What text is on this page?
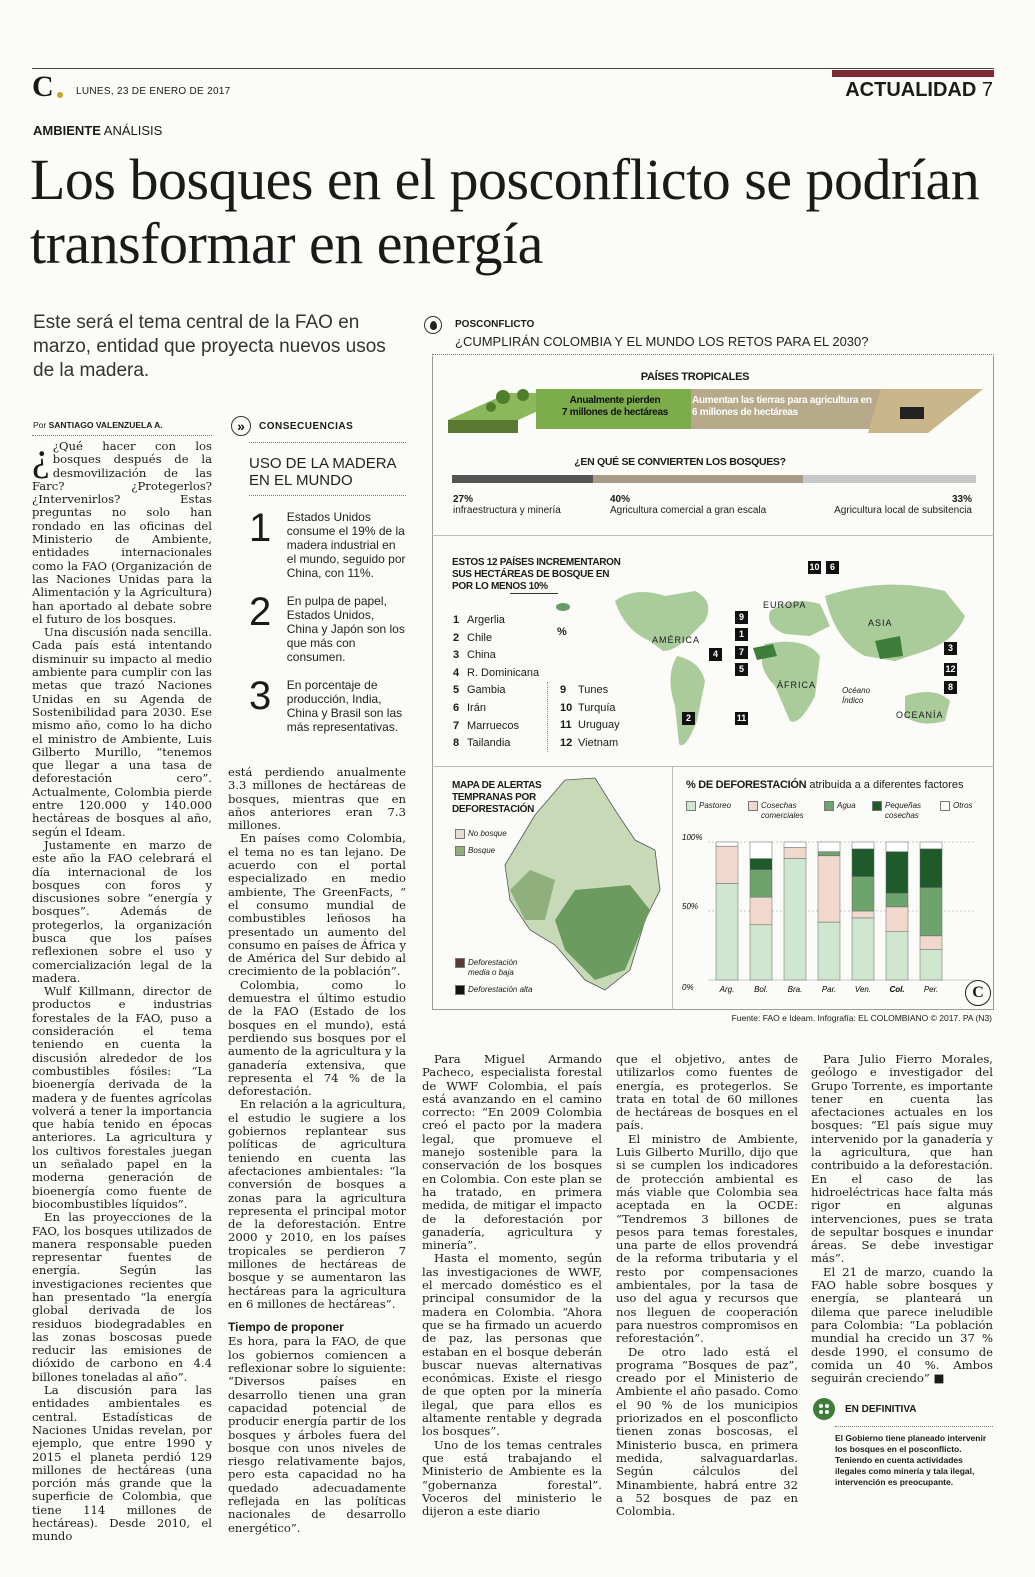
C LUNES, 23 DE ENERO DE 2017	ACTUALIDAD 7
AMBIENTE ANÁLISIS
Los bosques en el posconflicto se podrían transformar en energía
Este será el tema central de la FAO en marzo, entidad que proyecta nuevos usos de la madera.
Por SANTIAGO VALENZUELA A.

¿ ¿Qué hacer con los bosques después de la desmovilización de las Farc? ¿Protegerlos? ¿Intervenirlos? Estas preguntas no solo han rondado en las oficinas del Ministerio de Ambiente, entidades internacionales como la FAO (Organización de las Naciones Unidas para la Alimentación y la Agricultura) han aportado al debate sobre el futuro de los bosques.

Una discusión nada sencilla. Cada país está intentando disminuir su impacto al medio ambiente para cumplir con las metas que trazó Naciones Unidas en su Agenda de Sostenibilidad para 2030. Ese mismo año, como lo ha dicho el ministro de Ambiente, Luis Gilberto Murillo, “tenemos que llegar a una tasa de deforestación cero”. Actualmente, Colombia pierde entre 120.000 y 140.000 hectáreas de bosques al año, según el Ideam.

Justamente en marzo de este año la FAO celebrará el día internacional de los bosques con foros y discusiones sobre “energía y bosques”. Además de protegerlos, la organización busca que los países reflexionen sobre el uso y comercialización legal de la madera.

Wulf Killmann, director de productos e industrias forestales de la FAO, puso a consideración el tema teniendo en cuenta la discusión alrededor de los combustibles fósiles: “La bioenergía derivada de la madera y de fuentes agrícolas volverá a tener la importancia que había tenido en épocas anteriores. La agricultura y los cultivos forestales juegan un señalado papel en la moderna generación de bioenergía como fuente de biocombustibles líquidos”.

En las proyecciones de la FAO, los bosques utilizados de manera responsable pueden representar fuentes de energía. Según las investigaciones recientes que han presentado “la energía global derivada de los residuos biodegradables en las zonas boscosas puede reducir las emisiones de dióxido de carbono en 4.4 billones toneladas al año”.

La discusión para las entidades ambientales es central. Estadísticas de Naciones Unidas revelan, por ejemplo, que entre 1990 y 2015 el planeta perdió 129 millones de hectáreas (una porción más grande que la superficie de Colombia, que tiene 114 millones de hectáreas). Desde 2010, el mundo

»	CONSECUENCIAS
USO DE LA MADERA EN EL MUNDO
1	Estados Unidos consume el 19% de la madera industrial en el mundo, seguido por China, con 11%.
2	En pulpa de papel, Estados Unidos, China y Japón son los que más con consumen.
3	En porcentaje de producción, India, China y Brasil son las más representativas.

está perdiendo anualmente 3.3 millones de hectáreas de bosques, mientras que en años anteriores eran 7.3 millones.

En países como Colombia, el tema no es tan lejano. De acuerdo con el portal especializado en medio ambiente, The GreenFacts, “ el consumo mundial de combustibles leñosos ha presentado un aumento del consumo en países de África y de América del Sur debido al crecimiento de la población”.

Colombia, como lo demuestra el último estudio de la FAO (Estado de los bosques en el mundo), está perdiendo sus bosques por el aumento de la agricultura y la ganadería extensiva, que representa el 74 % de la deforestación.

En relación a la agricultura, el estudio le sugiere a los gobiernos replantear sus políticas de agricultura teniendo en cuenta las afectaciones ambientales: “la conversión de bosques a zonas para la agricultura representa el principal motor de la deforestación. Entre 2000 y 2010, en los países tropicales se perdieron 7 millones de hectáreas de bosque y se aumentaron las hectáreas para la agricultura en 6 millones de hectáreas”.

Tiempo de proponer

Es hora, para la FAO, de que los gobiernos comiencen a reflexionar sobre lo siguiente: “Diversos países en desarrollo tienen una gran capacidad potencial de producir energía partir de los bosques y árboles fuera del bosque con unos niveles de riesgo relativamente bajos, pero esta capacidad no ha quedado adecuadamente reflejada en las políticas nacionales de desarrollo energético”.

Para Miguel Armando Pacheco, especialista forestal de WWF Colombia, el país está avanzando en el camino correcto: “En 2009 Colombia creó el pacto por la madera legal, que promueve el manejo sostenible para la conservación de los bosques en Colombia. Con este plan se ha tratado, en primera medida, de mitigar el impacto de la deforestación por ganadería, agricultura y minería”.

Hasta el momento, según las investigaciones de WWF, el mercado doméstico es el principal consumidor de la madera en Colombia. “Ahora que se ha firmado un acuerdo de paz, las personas que estaban en el bosque deberán buscar nuevas alternativas económicas. Existe el riesgo de que opten por la minería ilegal, que para ellos es altamente rentable y degrada los bosques”.

Uno de los temas centrales que está trabajando el Ministerio de Ambiente es la “gobernanza forestal”. Voceros del ministerio le dijeron a este diario

que el objetivo, antes de utilizarlos como fuentes de energía, es protegerlos. Se trata en total de 60 millones de hectáreas de bosques en el país.

El ministro de Ambiente, Luis Gilberto Murillo, dijo que si se cumplen los indicadores de protección ambiental es más viable que Colombia sea aceptada en la OCDE: “Tendremos 3 billones de pesos para temas forestales, una parte de ellos provendrá de la reforma tributaria y el resto por compensaciones ambientales, por la tasa de uso del agua y recursos que nos lleguen de cooperación para nuestros compromisos en reforestación”.

De otro lado está el programa “Bosques de paz”, creado por el Ministerio de Ambiente el año pasado. Como el 90 % de los municipios priorizados en el posconflicto tienen zonas boscosas, el Ministerio busca, en primera medida, salvaguardarlas. Según cálculos del Minambiente, habrá entre 32 a 52 bosques de paz en Colombia.

Para Julio Fierro Morales, geólogo e investigador del Grupo Torrente, es importante tener en cuenta las afectaciones actuales en los bosques: “El país sigue muy intervenido por la ganadería y la agricultura, que han contribuido a la deforestación. En el caso de las hidroeléctricas hace falta más rigor en algunas intervenciones, pues se trata de sepultar bosques e inundar áreas. Se debe investigar más”.

El 21 de marzo, cuando la FAO hable sobre bosques y energía, se planteará un dilema que parece ineludible para Colombia: “La población mundial ha crecido un 37 % desde 1990, el consumo de comida un 40 %. Ambos seguirán creciendo” ■

EN DEFINITIVA
El Gobierno tiene planeado intervenir los bosques en el posconflicto. Teniendo en cuenta actividades ilegales como minería y tala ilegal, intervención es preocupante.
POSCONFLICTO
¿CUMPLIRÁN COLOMBIA Y EL MUNDO LOS RETOS PARA EL 2030?
PAÍSES TROPICALES
Anualmente pierden
7 millones de hectáreas
Aumentan las tierras para agricultura en
6 millones de hectáreas
¿EN QUÉ SE CONVIERTEN LOS BOSQUES?
27%
infraestructura y minería
40%
Agricultura comercial a gran escala
33%
Agricultura local de subsitencia
ESTOS 12 PAÍSES INCREMENTARON SUS HECTÁREAS DE BOSQUE EN POR LO MENOS 10%
%
1 Argerlia
2 Chile
3 China
4 R. Dominicana
5 Gambia
6 Irán
7 Marruecos
8 Tailandia
9 Tunes
10 Turquía
11 Uruguay
12 Vietnam
AMÉRICA
EUROPA
ASIA
ÁFRICA
Océano Índico
OCEANÍA
1
2
3
4
5
6
7
8
9
10
11
12
MAPA DE ALERTAS TEMPRANAS POR DEFORESTACIÓN
No bosque
Bosque
Deforestación media o baja
Deforestación alta
% DE DEFORESTACIÓN atribuida a a diferentes factores
Pastoreo	Cosechas comerciales
Agua	Pequeñas cosechas
Otros
0%
50%
100%
Arg. Bol. Bra. Par. Ven. Col. Per.	C
Fuente: FAO e Ideam. Infografía: EL COLOMBIANO © 2017. PA (N3)
